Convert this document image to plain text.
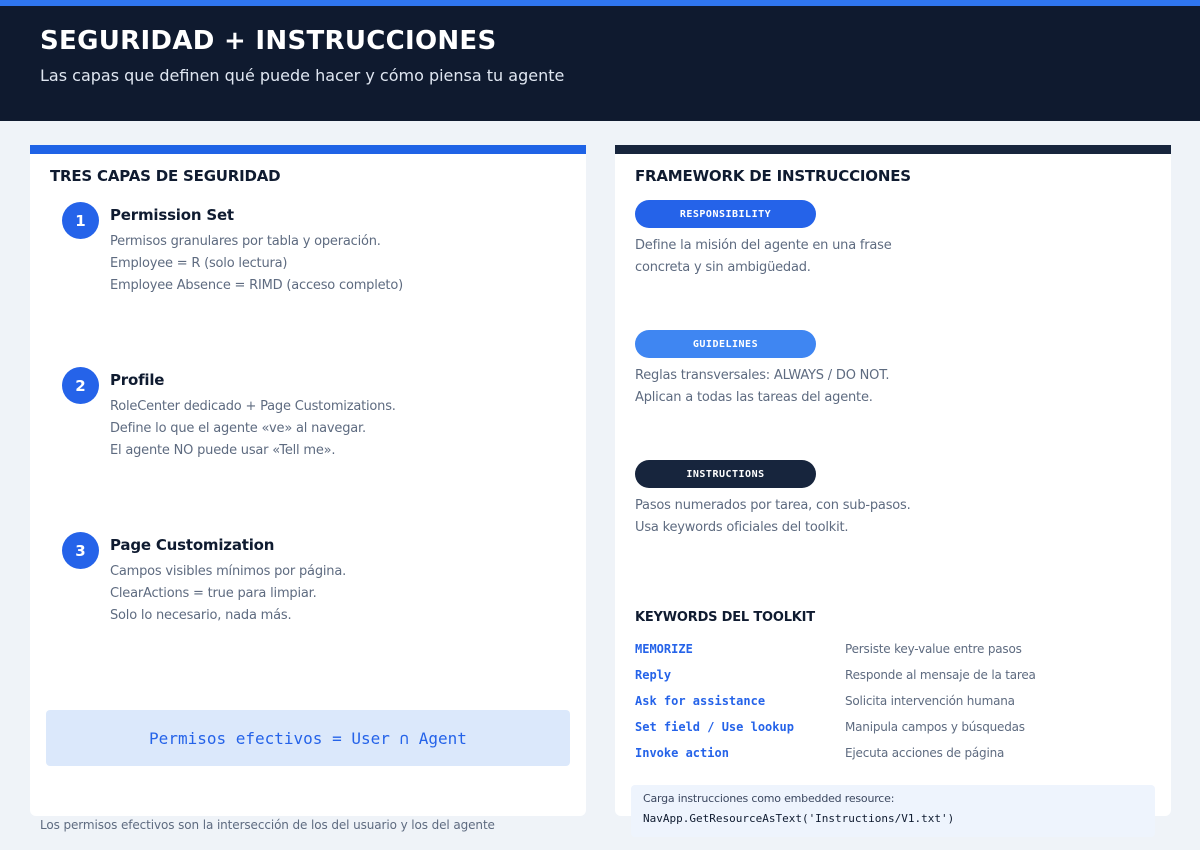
SEGURIDAD + INSTRUCCIONES
Las capas que definen qué puede hacer y cómo piensa tu agente
TRES CAPAS DE SEGURIDAD
1	Permission Set
Permisos granulares por tabla y operación.
Employee = R (solo lectura)
Employee Absence = RIMD (acceso completo)
2	Profile
RoleCenter dedicado + Page Customizations.
Define lo que el agente «ve» al navegar.
El agente NO puede usar «Tell me».
3	Page Customization
Campos visibles mínimos por página.
ClearActions = true para limpiar.
Solo lo necesario, nada más.
Permisos efectivos = User ∩ Agent
FRAMEWORK DE INSTRUCCIONES
RESPONSIBILITY
Define la misión del agente en una frase
concreta y sin ambigüedad.
GUIDELINES
Reglas transversales: ALWAYS / DO NOT.
Aplican a todas las tareas del agente.
INSTRUCTIONS
Pasos numerados por tarea, con sub-pasos.
Usa keywords oficiales del toolkit.
KEYWORDS DEL TOOLKIT
MEMORIZE	Persiste key-value entre pasos
Reply	Responde al mensaje de la tarea
Ask for assistance	Solicita intervención humana
Set field / Use lookup	Manipula campos y búsquedas
Invoke action	Ejecuta acciones de página
Carga instrucciones como embedded resource:
NavApp.GetResourceAsText('Instructions/V1.txt')
Los permisos efectivos son la intersección de los del usuario y los del agente
